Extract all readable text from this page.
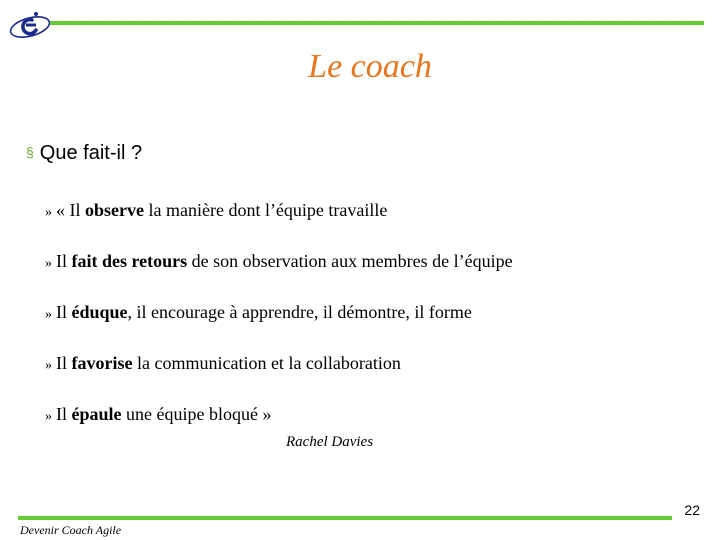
Le coach
§ Que fait-il ?
» « Il observe la manière dont l’équipe travaille
» Il fait des retours de son observation aux membres de l’équipe
» Il éduque, il encourage à apprendre, il démontre, il forme
» Il favorise la communication et la collaboration
» Il épaule une équipe bloqué »
Rachel Davies
22
Devenir Coach Agile
